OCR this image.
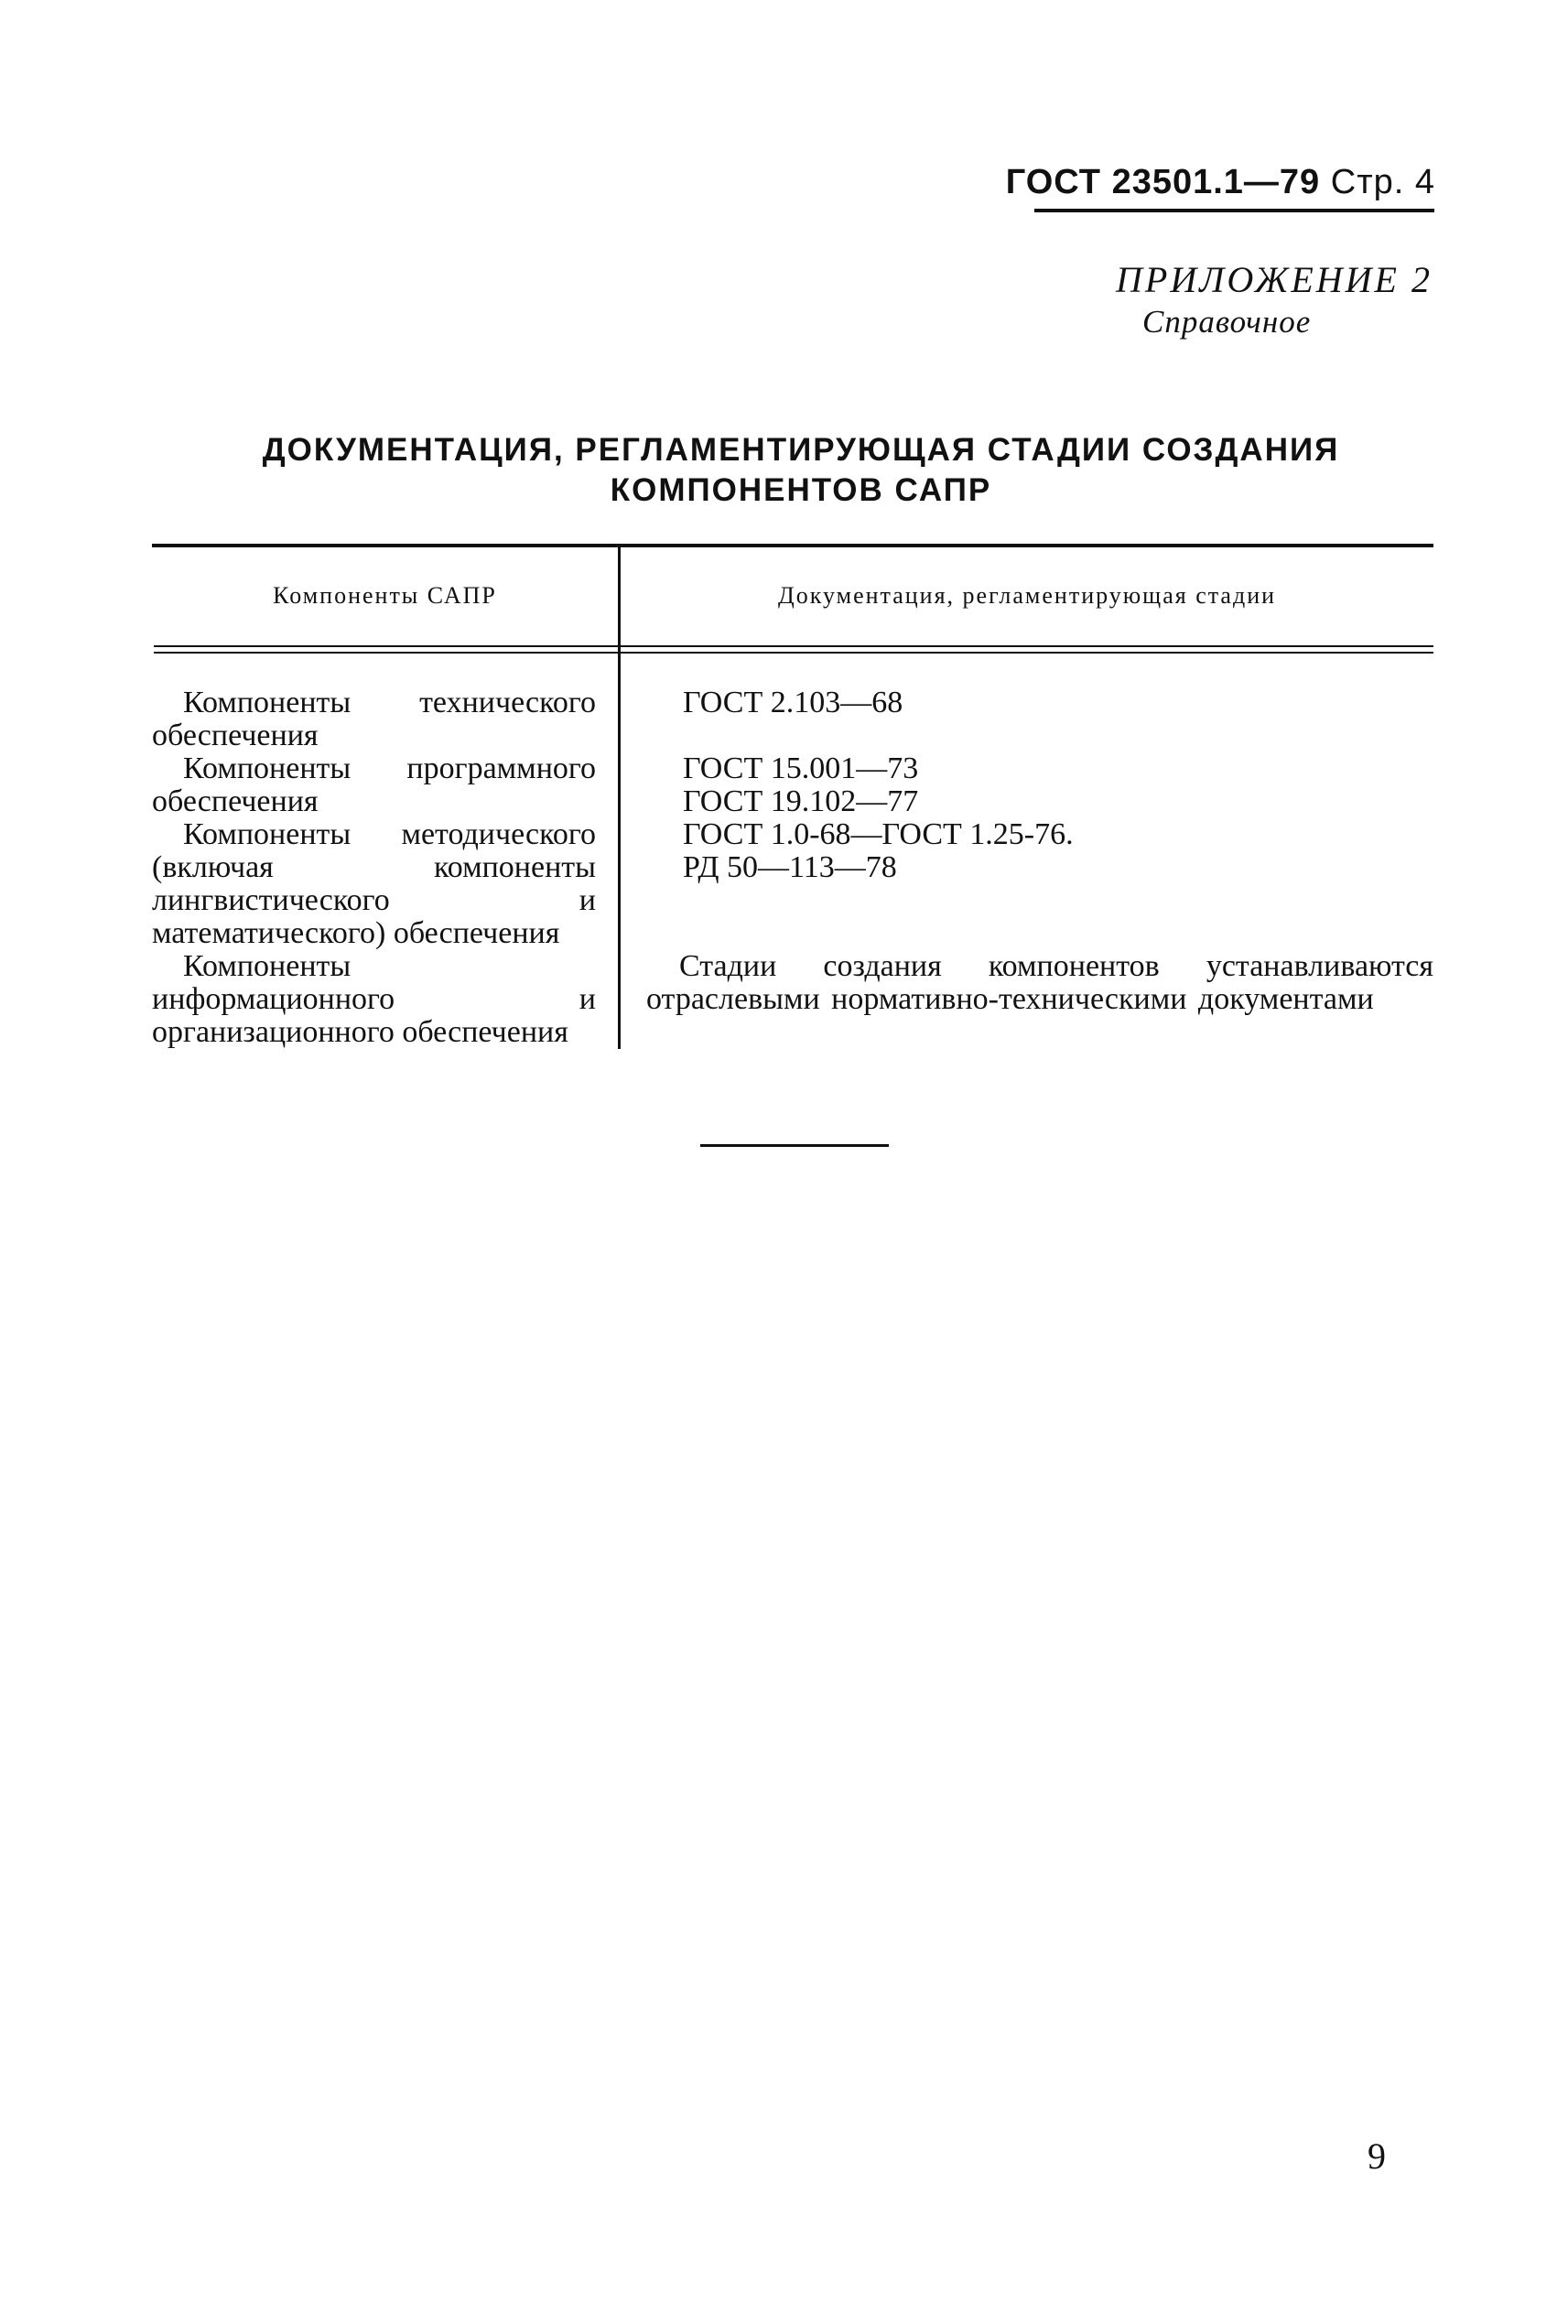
ГОСТ 23501.1—79 Стр. 4
ПРИЛОЖЕНИЕ 2
Справочное
ДОКУМЕНТАЦИЯ, РЕГЛАМЕНТИРУЮЩАЯ СТАДИИ СОЗДАНИЯ
КОМПОНЕНТОВ САПР
Компоненты САПР	Документация, регламентирующая стадии

Компоненты технического обеспечения

Компоненты программного обеспечения

Компоненты методического (включая компоненты лингвистического и математического) обеспечения

Компоненты информационного и организационного обеспечения

ГОСТ 2.103—68
ГОСТ 15.001—73
ГОСТ 19.102—77
ГОСТ 1.0-68—ГОСТ 1.25-76.
РД 50—113—78
Стадии создания компонентов устанавливаются отраслевыми нормативно-техническими документами
9
